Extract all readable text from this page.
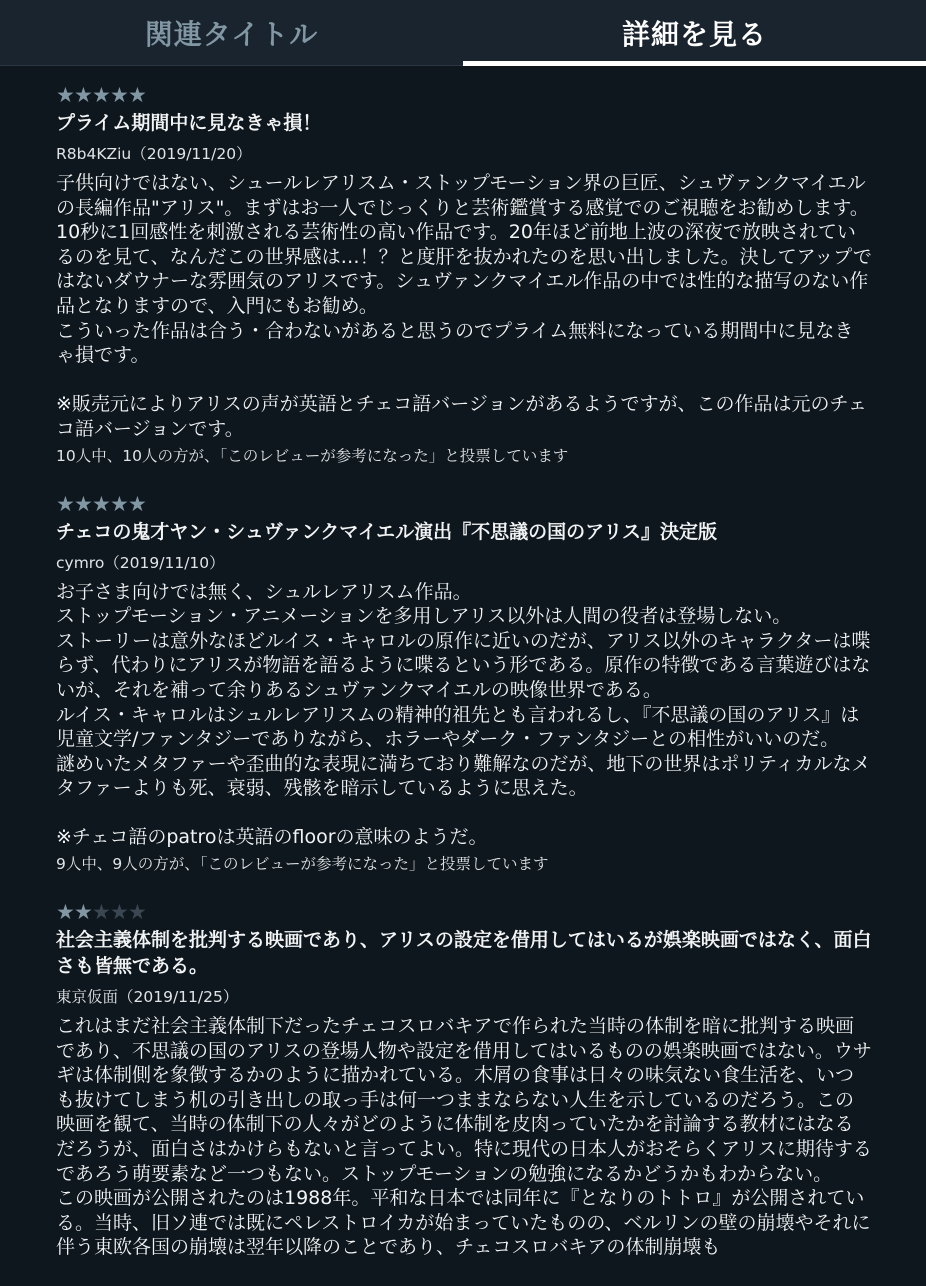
関連タイトル	詳細を見る
★ ★ ★ ★ ★
プライム期間中に見なきゃ損！
R8b4KZiu（2019/11/20）
子供向けではない、シュールレアリスム・ストップモーション界の巨匠、シュヴァンクマイエルの長編作品"アリス"。まずはお一人でじっくりと芸術鑑賞する感覚でのご視聴をお勧めします。10秒に1回感性を刺激される芸術性の高い作品です。20年ほど前地上波の深夜で放映されているのを見て、なんだこの世界感は…！？と度肝を抜かれたのを思い出しました。決してアップではないダウナーな雰囲気のアリスです。シュヴァンクマイエル作品の中では性的な描写のない作品となりますので、入門にもお勧め。
こういった作品は合う・合わないがあると思うのでプライム無料になっている期間中に見なきゃ損です。

※販売元によりアリスの声が英語とチェコ語バージョンがあるようですが、この作品は元のチェコ語バージョンです。
10人中、10人の方が、「このレビューが参考になった」と投票しています
★ ★ ★ ★ ★
チェコの鬼才ヤン・シュヴァンクマイエル演出『不思議の国のアリス』決定版
cymro（2019/11/10）
お子さま向けでは無く、シュルレアリスム作品。
ストップモーション・アニメーションを多用しアリス以外は人間の役者は登場しない。
ストーリーは意外なほどルイス・キャロルの原作に近いのだが、アリス以外のキャラクターは喋らず、代わりにアリスが物語を語るように喋るという形である。原作の特徴である言葉遊びはないが、それを補って余りあるシュヴァンクマイエルの映像世界である。
ルイス・キャロルはシュルレアリスムの精神的祖先とも言われるし、『不思議の国のアリス』は児童文学/ファンタジーでありながら、ホラーやダーク・ファンタジーとの相性がいいのだ。
謎めいたメタファーや歪曲的な表現に満ちており難解なのだが、地下の世界はポリティカルなメタファーよりも死、衰弱、残骸を暗示しているように思えた。

※チェコ語のpatroは英語のfloorの意味のようだ。
9人中、9人の方が、「このレビューが参考になった」と投票しています
★ ★ ★ ★ ★
社会主義体制を批判する映画であり、アリスの設定を借用してはいるが娯楽映画ではなく、面白さも皆無である。
東京仮面（2019/11/25）
これはまだ社会主義体制下だったチェコスロバキアで作られた当時の体制を暗に批判する映画であり、不思議の国のアリスの登場人物や設定を借用してはいるものの娯楽映画ではない。ウサギは体制側を象徴するかのように描かれている。木屑の食事は日々の味気ない食生活を、いつも抜けてしまう机の引き出しの取っ手は何一つままならない人生を示しているのだろう。この映画を観て、当時の体制下の人々がどのように体制を皮肉っていたかを討論する教材にはなるだろうが、面白さはかけらもないと言ってよい。特に現代の日本人がおそらくアリスに期待するであろう萌要素など一つもない。ストップモーションの勉強になるかどうかもわからない。
この映画が公開されたのは1988年。平和な日本では同年に『となりのトトロ』が公開されている。当時、旧ソ連では既にペレストロイカが始まっていたものの、ベルリンの壁の崩壊やそれに伴う東欧各国の崩壊は翌年以降のことであり、チェコスロバキアの体制崩壊も
